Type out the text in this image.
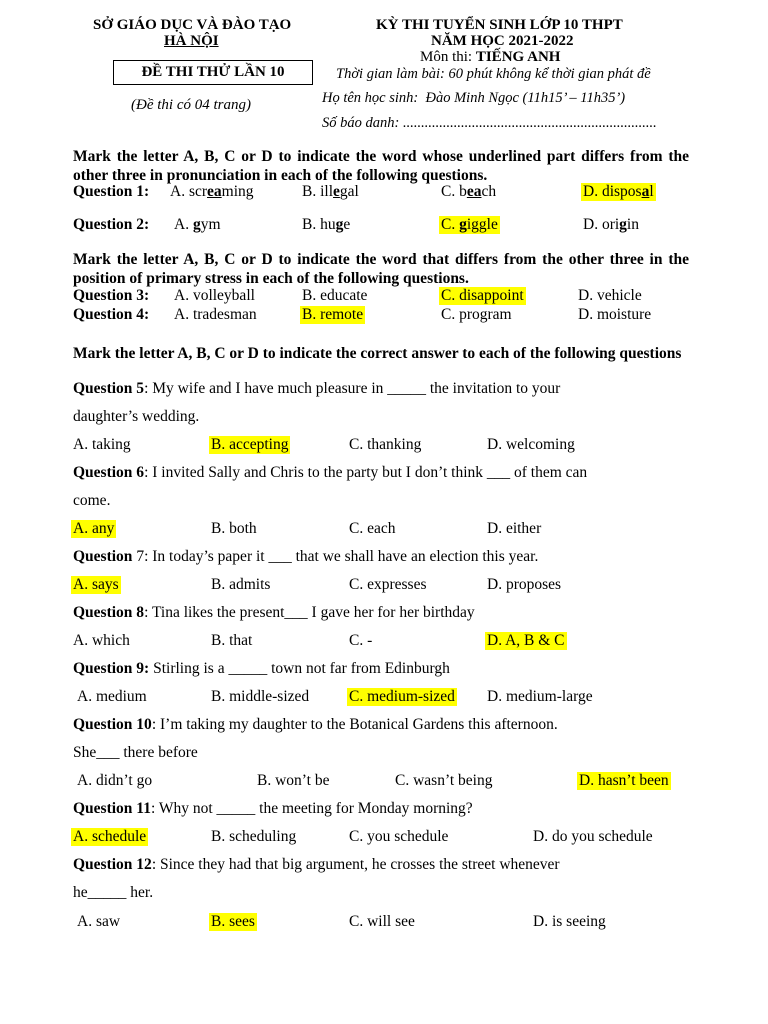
SỞ GIÁO DỤC VÀ ĐÀO TẠO
HÀ NỘI
ĐỀ THI THỬ LẦN 10
(Đề thi có 04 trang)
KỲ THI TUYỂN SINH LỚP 10 THPT
NĂM HỌC 2021-2022
Môn thi: TIẾNG ANH
Thời gian làm bài: 60 phút không kể thời gian phát đề
Họ tên học sinh: Đào Minh Ngọc (11h15’ – 11h35’)
Số báo danh: ......................................................................
Mark the letter A, B, C or D to indicate the word whose underlined part differs from the other three in pronunciation in each of the following questions.
Question 1: A. screaming	B. illegal	C. beach	D. disposal
Question 2: A. gym	B. huge	C. giggle	D. origin
Mark the letter A, B, C or D to indicate the word that differs from the other three in the position of primary stress in each of the following questions.
Question 3: A. volleyball	B. educate	C. disappoint	D. vehicle
Question 4: A. tradesman	B. remote	C. program	D. moisture
Mark the letter A, B, C or D to indicate the correct answer to each of the following questions
Question 5: My wife and I have much pleasure in _____ the invitation to your
daughter’s wedding.
A. taking	B. accepting	C. thanking	D. welcoming
Question 6: I invited Sally and Chris to the party but I don’t think ___ of them can
come.
A. any	B. both	C. each	D. either
Question 7: In today’s paper it ___ that we shall have an election this year.
A. says	B. admits	C. expresses	D. proposes
Question 8: Tina likes the present___ I gave her for her birthday
A. which	B. that	C. -	D. A, B & C
Question 9: Stirling is a _____ town not far from Edinburgh
A. medium	B. middle-sized	C. medium-sized D. medium-large
Question 10: I’m taking my daughter to the Botanical Gardens this afternoon.
She___ there before
A. didn’t go	B. won’t be	C. wasn’t being	D. hasn’t been
Question 11: Why not _____ the meeting for Monday morning?
A. schedule	B. scheduling	C. you schedule	D. do you schedule
Question 12: Since they had that big argument, he crosses the street whenever
he_____ her.
A. saw	B. sees	C. will see	D. is seeing
